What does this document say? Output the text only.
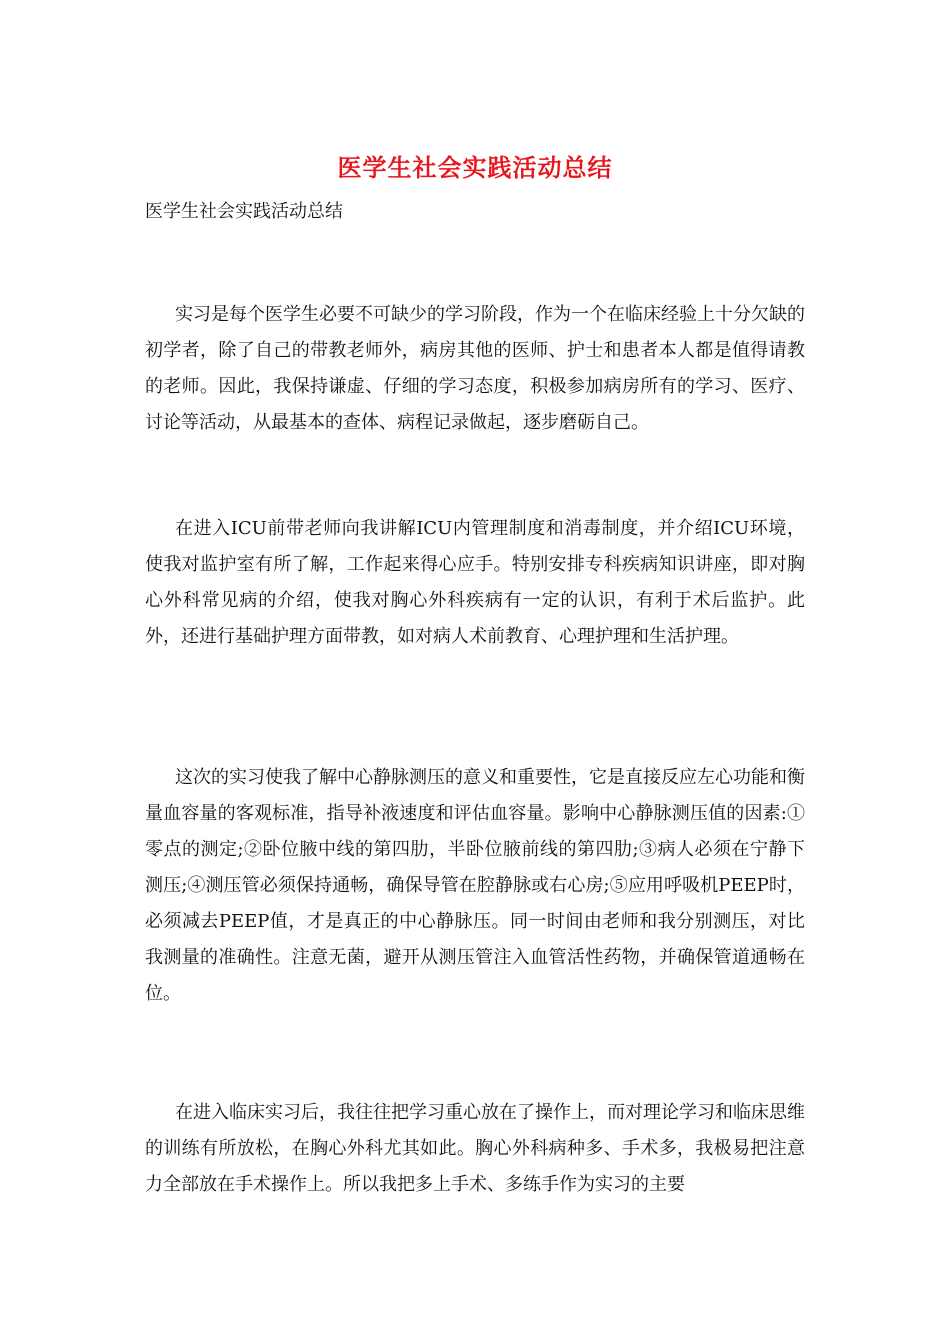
医学生社会实践活动总结
医学生社会实践活动总结

实习是每个医学生必要不可缺少的学习阶段，作为一个在临床经验上十分欠缺的初学者，除了自己的带教老师外，病房其他的医师、护士和患者本人都是值得请教的老师。因此，我保持谦虚、仔细的学习态度，积极参加病房所有的学习、医疗、讨论等活动，从最基本的查体、病程记录做起，逐步磨砺自己。

在进入ICU前带老师向我讲解ICU内管理制度和消毒制度，并介绍ICU环境，使我对监护室有所了解，工作起来得心应手。特别安排专科疾病知识讲座，即对胸心外科常见病的介绍，使我对胸心外科疾病有一定的认识，有利于术后监护。此外，还进行基础护理方面带教，如对病人术前教育、心理护理和生活护理。

这次的实习使我了解中心静脉测压的意义和重要性，它是直接反应左心功能和衡量血容量的客观标准，指导补液速度和评估血容量。影响中心静脉测压值的因素:①零点的测定;②卧位腋中线的第四肋，半卧位腋前线的第四肋;③病人必须在宁静下测压;④测压管必须保持通畅，确保导管在腔静脉或右心房;⑤应用呼吸机PEEP时，必须减去PEEP值，才是真正的中心静脉压。同一时间由老师和我分别测压，对比我测量的准确性。注意无菌，避开从测压管注入血管活性药物，并确保管道通畅在位。

在进入临床实习后，我往往把学习重心放在了操作上，而对理论学习和临床思维的训练有所放松，在胸心外科尤其如此。胸心外科病种多、手术多，我极易把注意力全部放在手术操作上。所以我把多上手术、多练手作为实习的主要
